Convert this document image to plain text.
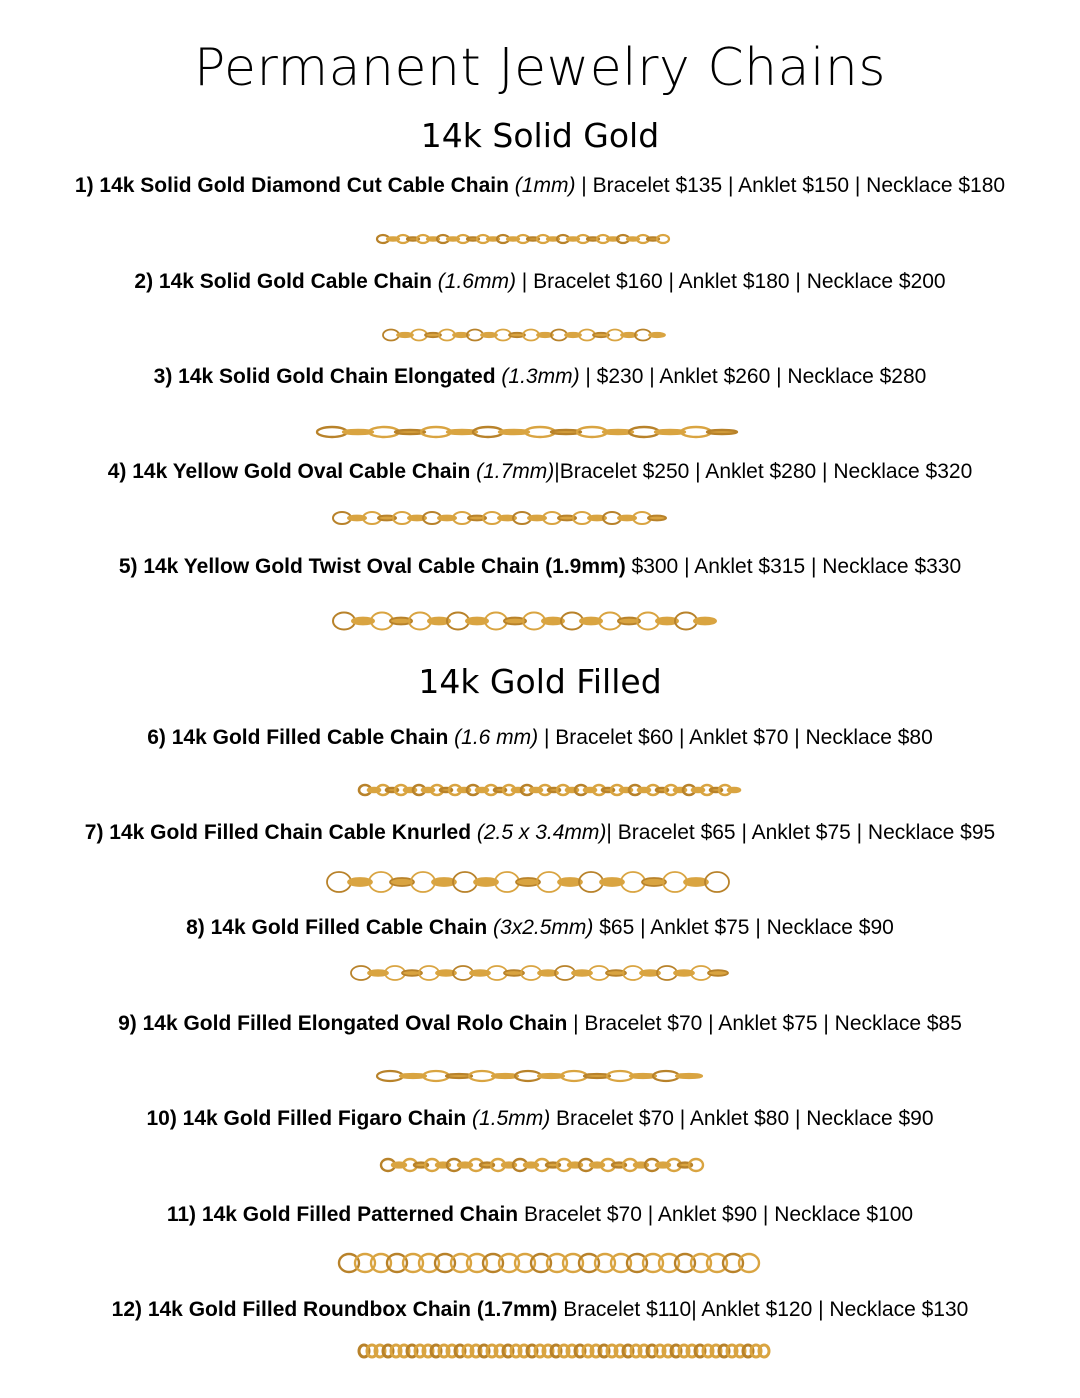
Permanent Jewelry Chains
14k Solid Gold
14k Gold Filled
1) 14k Solid Gold Diamond Cut Cable Chain (1mm) | Bracelet $135 | Anklet $150 | Necklace $180
2) 14k Solid Gold Cable Chain (1.6mm) | Bracelet $160 | Anklet $180 | Necklace $200
3) 14k Solid Gold Chain Elongated (1.3mm) | $230 | Anklet $260 | Necklace $280
4) 14k Yellow Gold Oval Cable Chain (1.7mm)|Bracelet $250 | Anklet $280 | Necklace $320
5) 14k Yellow Gold Twist Oval Cable Chain (1.9mm) $300 | Anklet $315 | Necklace $330
6) 14k Gold Filled Cable Chain (1.6 mm) | Bracelet $60 | Anklet $70 | Necklace $80
7) 14k Gold Filled Chain Cable Knurled (2.5 x 3.4mm)| Bracelet $65 | Anklet $75 | Necklace $95
8) 14k Gold Filled Cable Chain (3x2.5mm) $65 | Anklet $75 | Necklace $90
9) 14k Gold Filled Elongated Oval Rolo Chain | Bracelet $70 | Anklet $75 | Necklace $85
10) 14k Gold Filled Figaro Chain (1.5mm) Bracelet $70 | Anklet $80 | Necklace $90
11) 14k Gold Filled Patterned Chain Bracelet $70 | Anklet $90 | Necklace $100
12) 14k Gold Filled Roundbox Chain (1.7mm) Bracelet $110| Anklet $120 | Necklace $130
